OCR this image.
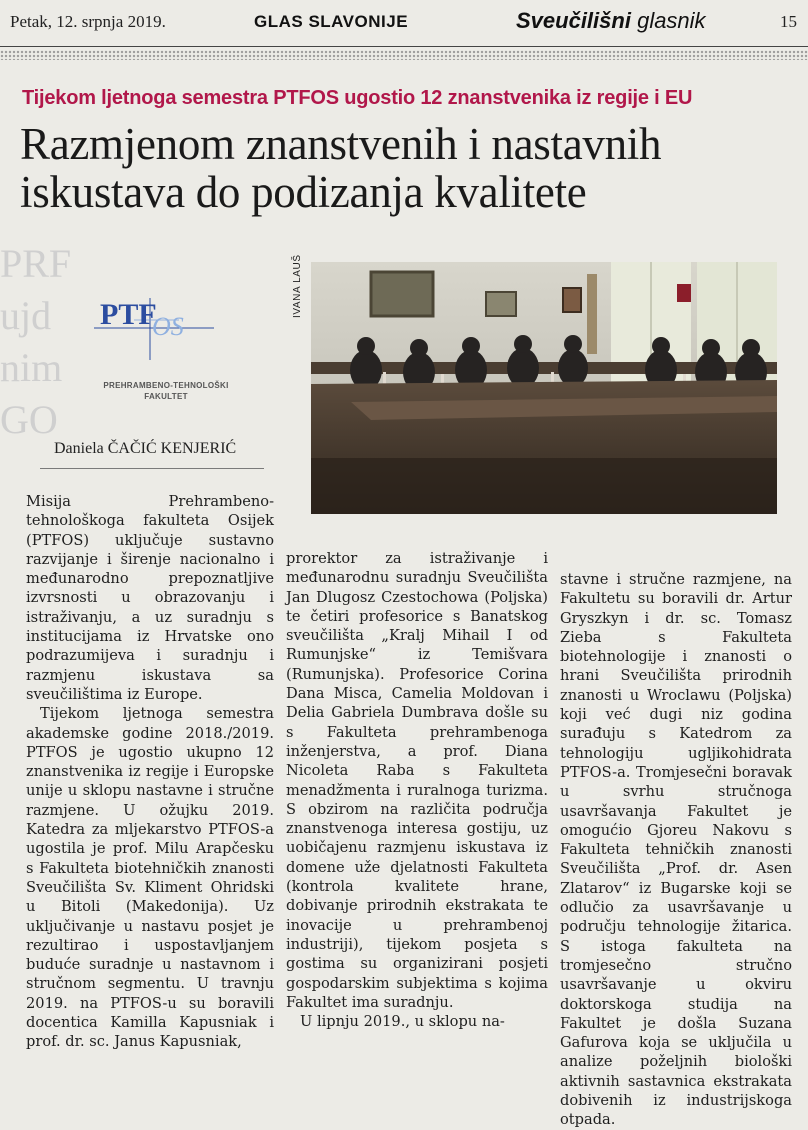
Petak, 12. srpnja 2019.	GLAS SLAVONIJE	Sveučilišni glasnik	15
Tijekom ljetnoga semestra PTFOS ugostio 12 znanstvenika iz regije i EU
Razmjenom znanstvenih i nastavnih iskustava do podizanja kvalitete
PRF
ujd
nim
GO
OS
PTF
PREHRAMBENO-TEHNOLOŠKI
FAKULTET
Daniela ČAČIĆ KENJERIĆ
IVANA LAUŠ

Misija Prehrambeno-tehnološkoga fakulteta Osijek (PTFOS) uključuje sustavno razvijanje i širenje nacionalno i međunarodno prepoznatljive izvrsnosti u obrazovanju i istraživanju, a uz suradnju s institucijama iz Hrvatske ono podrazumijeva i suradnju i razmjenu iskustava sa sveučilištima iz Europe.

Tijekom ljetnoga semestra akademske godine 2018./2019. PTFOS je ugostio ukupno 12 znanstvenika iz regije i Europske unije u sklopu nastavne i stručne razmjene. U ožujku 2019. Katedra za mljekarstvo PTFOS-a ugostila je prof. Milu Arapčesku s Fakulteta biotehničkih znanosti Sveučilišta Sv. Kliment Ohridski u Bitoli (Makedonija). Uz uključivanje u nastavu posjet je rezultirao i uspostavljanjem buduće suradnje u nastavnom i stručnom segmentu. U travnju 2019. na PTFOS-u su boravili docentica Kamilla Kapusniak i prof. dr. sc. Janus Kapusniak,

prorektor za istraživanje i međunarodnu suradnju Sveučilišta Jan Dlugosz Czestochowa (Poljska) te četiri profesorice s Banatskog sveučilišta „Kralj Mihail I od Rumunjske“ iz Temišvara (Rumunjska). Profesorice Corina Dana Misca, Camelia Moldovan i Delia Gabriela Dumbrava došle su s Fakulteta prehrambenoga inženjerstva, a prof. Diana Nicoleta Raba s Fakulteta menadžmenta i ruralnoga turizma. S obzirom na različita područja znanstvenoga interesa gostiju, uz uobičajenu razmjenu iskustava iz domene uže djelatnosti Fakulteta (kontrola kvalitete hrane, dobivanje prirodnih ekstrakata te inovacije u prehrambenoj industriji), tijekom posjeta s gostima su organizirani posjeti gospodarskim subjektima s kojima Fakultet ima suradnju.

U lipnju 2019., u sklopu na-

stavne i stručne razmjene, na Fakultetu su boravili dr. Artur Gryszkyn i dr. sc. Tomasz Zieba s Fakulteta biotehnologije i znanosti o hrani Sveučilišta prirodnih znanosti u Wroclawu (Poljska) koji već dugi niz godina surađuju s Katedrom za tehnologiju ugljikohidrata PTFOS-a. Tromjesečni boravak u svrhu stručnoga usavršavanja Fakultet je omogućio Gjoreu Nakovu s Fakulteta tehničkih znanosti Sveučilišta „Prof. dr. Asen Zlatarov“ iz Bugarske koji se odlučio za usavršavanje u području tehnologije žitarica. S istoga fakulteta na tromjesečno stručno usavršavanje u okviru doktorskoga studija na Fakultet je došla Suzana Gafurova koja se uključila u analize poželjnih biološki aktivnih sastavnica ekstrakata dobivenih iz industrijskoga otpada.
